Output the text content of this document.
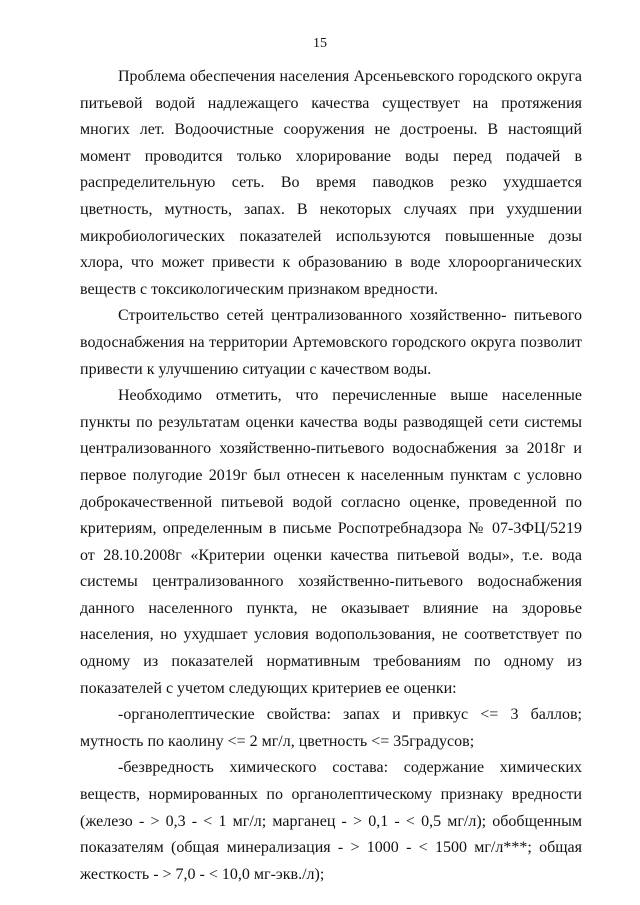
15

Проблема обеспечения населения Арсеньевского городского округа питьевой водой надлежащего качества существует на протяжения многих лет. Водоочистные сооружения не достроены. В настоящий момент проводится только хлорирование воды перед подачей в распределительную сеть. Во время паводков резко ухудшается цветность, мутность, запах. В некоторых случаях при ухудшении микробиологических показателей используются повышенные дозы хлора, что может привести к образованию в воде хлороорганических веществ с токсикологическим признаком вредности.

Строительство сетей централизованного хозяйственно- питьевого водоснабжения на территории Артемовского городского округа позволит привести к улучшению ситуации с качеством воды.

Необходимо отметить, что перечисленные выше населенные пункты по результатам оценки качества воды разводящей сети системы централизованного хозяйственно-питьевого водоснабжения за 2018г и первое полугодие 2019г был отнесен к населенным пунктам с условно доброкачественной питьевой водой согласно оценке, проведенной по критериям, определенным в письме Роспотребнадзора № 07-3ФЦ/5219 от 28.10.2008г «Критерии оценки качества питьевой воды», т.е. вода системы централизованного хозяйственно-питьевого водоснабжения данного населенного пункта, не оказывает влияние на здоровье населения, но ухудшает условия водопользования, не соответствует по одному из показателей нормативным требованиям по одному из показателей с учетом следующих критериев ее оценки:

-органолептические свойства: запах и привкус <= 3 баллов; мутность по каолину <= 2 мг/л, цветность <= 35градусов;

-безвредность химического состава: содержание химических веществ, нормированных по органолептическому признаку вредности (железо - > 0,3 - < 1 мг/л; марганец - > 0,1 - < 0,5 мг/л); обобщенным показателям (общая минерализация - > 1000 - < 1500 мг/л***; общая жесткость - > 7,0 - < 10,0 мг-экв./л);
